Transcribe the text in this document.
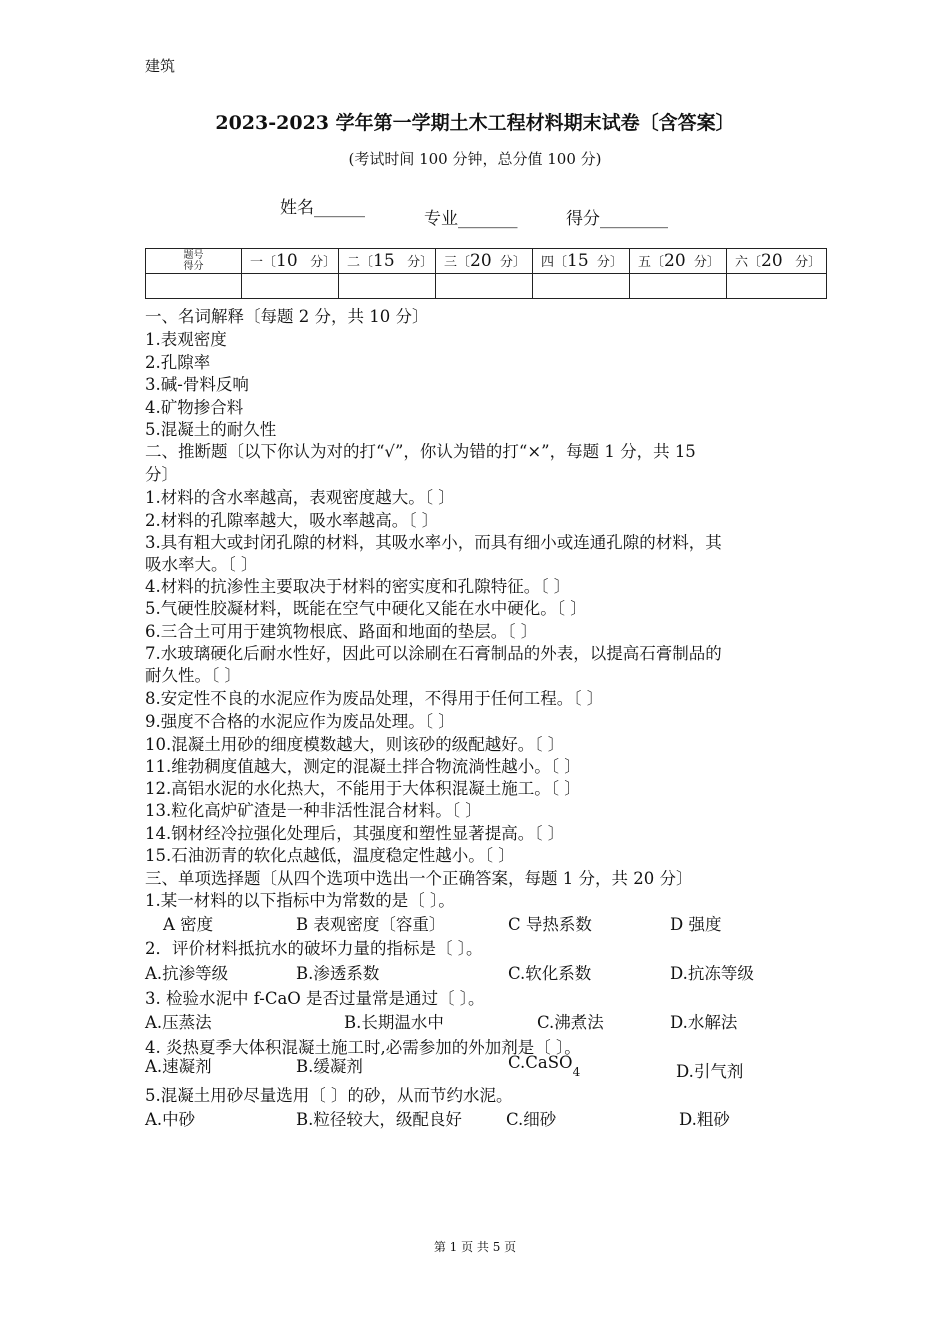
建筑
2023-2023 学年第一学期土木工程材料期末试卷〔含答案〕
(考试时间 100 分钟，总分值 100 分)
姓名______
专业_______	得分________
题号
得分	一〔10 分〕	二〔15 分〕	三〔20 分〕	四〔15 分〕	五〔20 分〕	六〔20 分〕

一、名词解释〔每题 2 分，共 10 分〕
1.表观密度
2.孔隙率
3.碱-骨料反响
4.矿物掺合料
5.混凝土的耐久性
二、推断题〔以下你认为对的打“√”，你认为错的打“×”，每题 1 分，共 15
分〕
1.材料的含水率越高，表观密度越大。〔 〕
2.材料的孔隙率越大，吸水率越高。〔 〕
3.具有粗大或封闭孔隙的材料，其吸水率小，而具有细小或连通孔隙的材料，其
吸水率大。〔 〕
4.材料的抗渗性主要取决于材料的密实度和孔隙特征。〔 〕
5.气硬性胶凝材料，既能在空气中硬化又能在水中硬化。〔 〕
6.三合土可用于建筑物根底、路面和地面的垫层。〔 〕
7.水玻璃硬化后耐水性好，因此可以涂刷在石膏制品的外表，以提高石膏制品的
耐久性。〔 〕
8.安定性不良的水泥应作为废品处理，不得用于任何工程。〔 〕
9.强度不合格的水泥应作为废品处理。〔 〕
10.混凝土用砂的细度模数越大，则该砂的级配越好。〔 〕
11.维勃稠度值越大，测定的混凝土拌合物流淌性越小。〔 〕
12.高铝水泥的水化热大，不能用于大体积混凝土施工。〔 〕
13.粒化高炉矿渣是一种非活性混合材料。〔 〕
14.钢材经冷拉强化处理后，其强度和塑性显著提高。〔 〕
15.石油沥青的软化点越低，温度稳定性越小。〔 〕
三、单项选择题〔从四个选项中选出一个正确答案，每题 1 分，共 20 分〕
1.某一材料的以下指标中为常数的是〔 〕。
A 密度	B 表观密度〔容重〕	C 导热系数	D 强度
2．评价材料抵抗水的破坏力量的指标是〔 〕。
A.抗渗等级	B.渗透系数	C.软化系数	D.抗冻等级
3. 检验水泥中 f-CaO 是否过量常是通过〔 〕。
A.压蒸法	B.长期温水中	C.沸煮法	D.水解法
4. 炎热夏季大体积混凝土施工时,必需参加的外加剂是〔 〕。
A.速凝剂	B.缓凝剂	C.CaSO$_4$	D.引气剂
5.混凝土用砂尽量选用〔 〕的砂，从而节约水泥。
A.中砂	B.粒径较大，级配良好	C.细砂	D.粗砂
第 1 页 共 5 页
